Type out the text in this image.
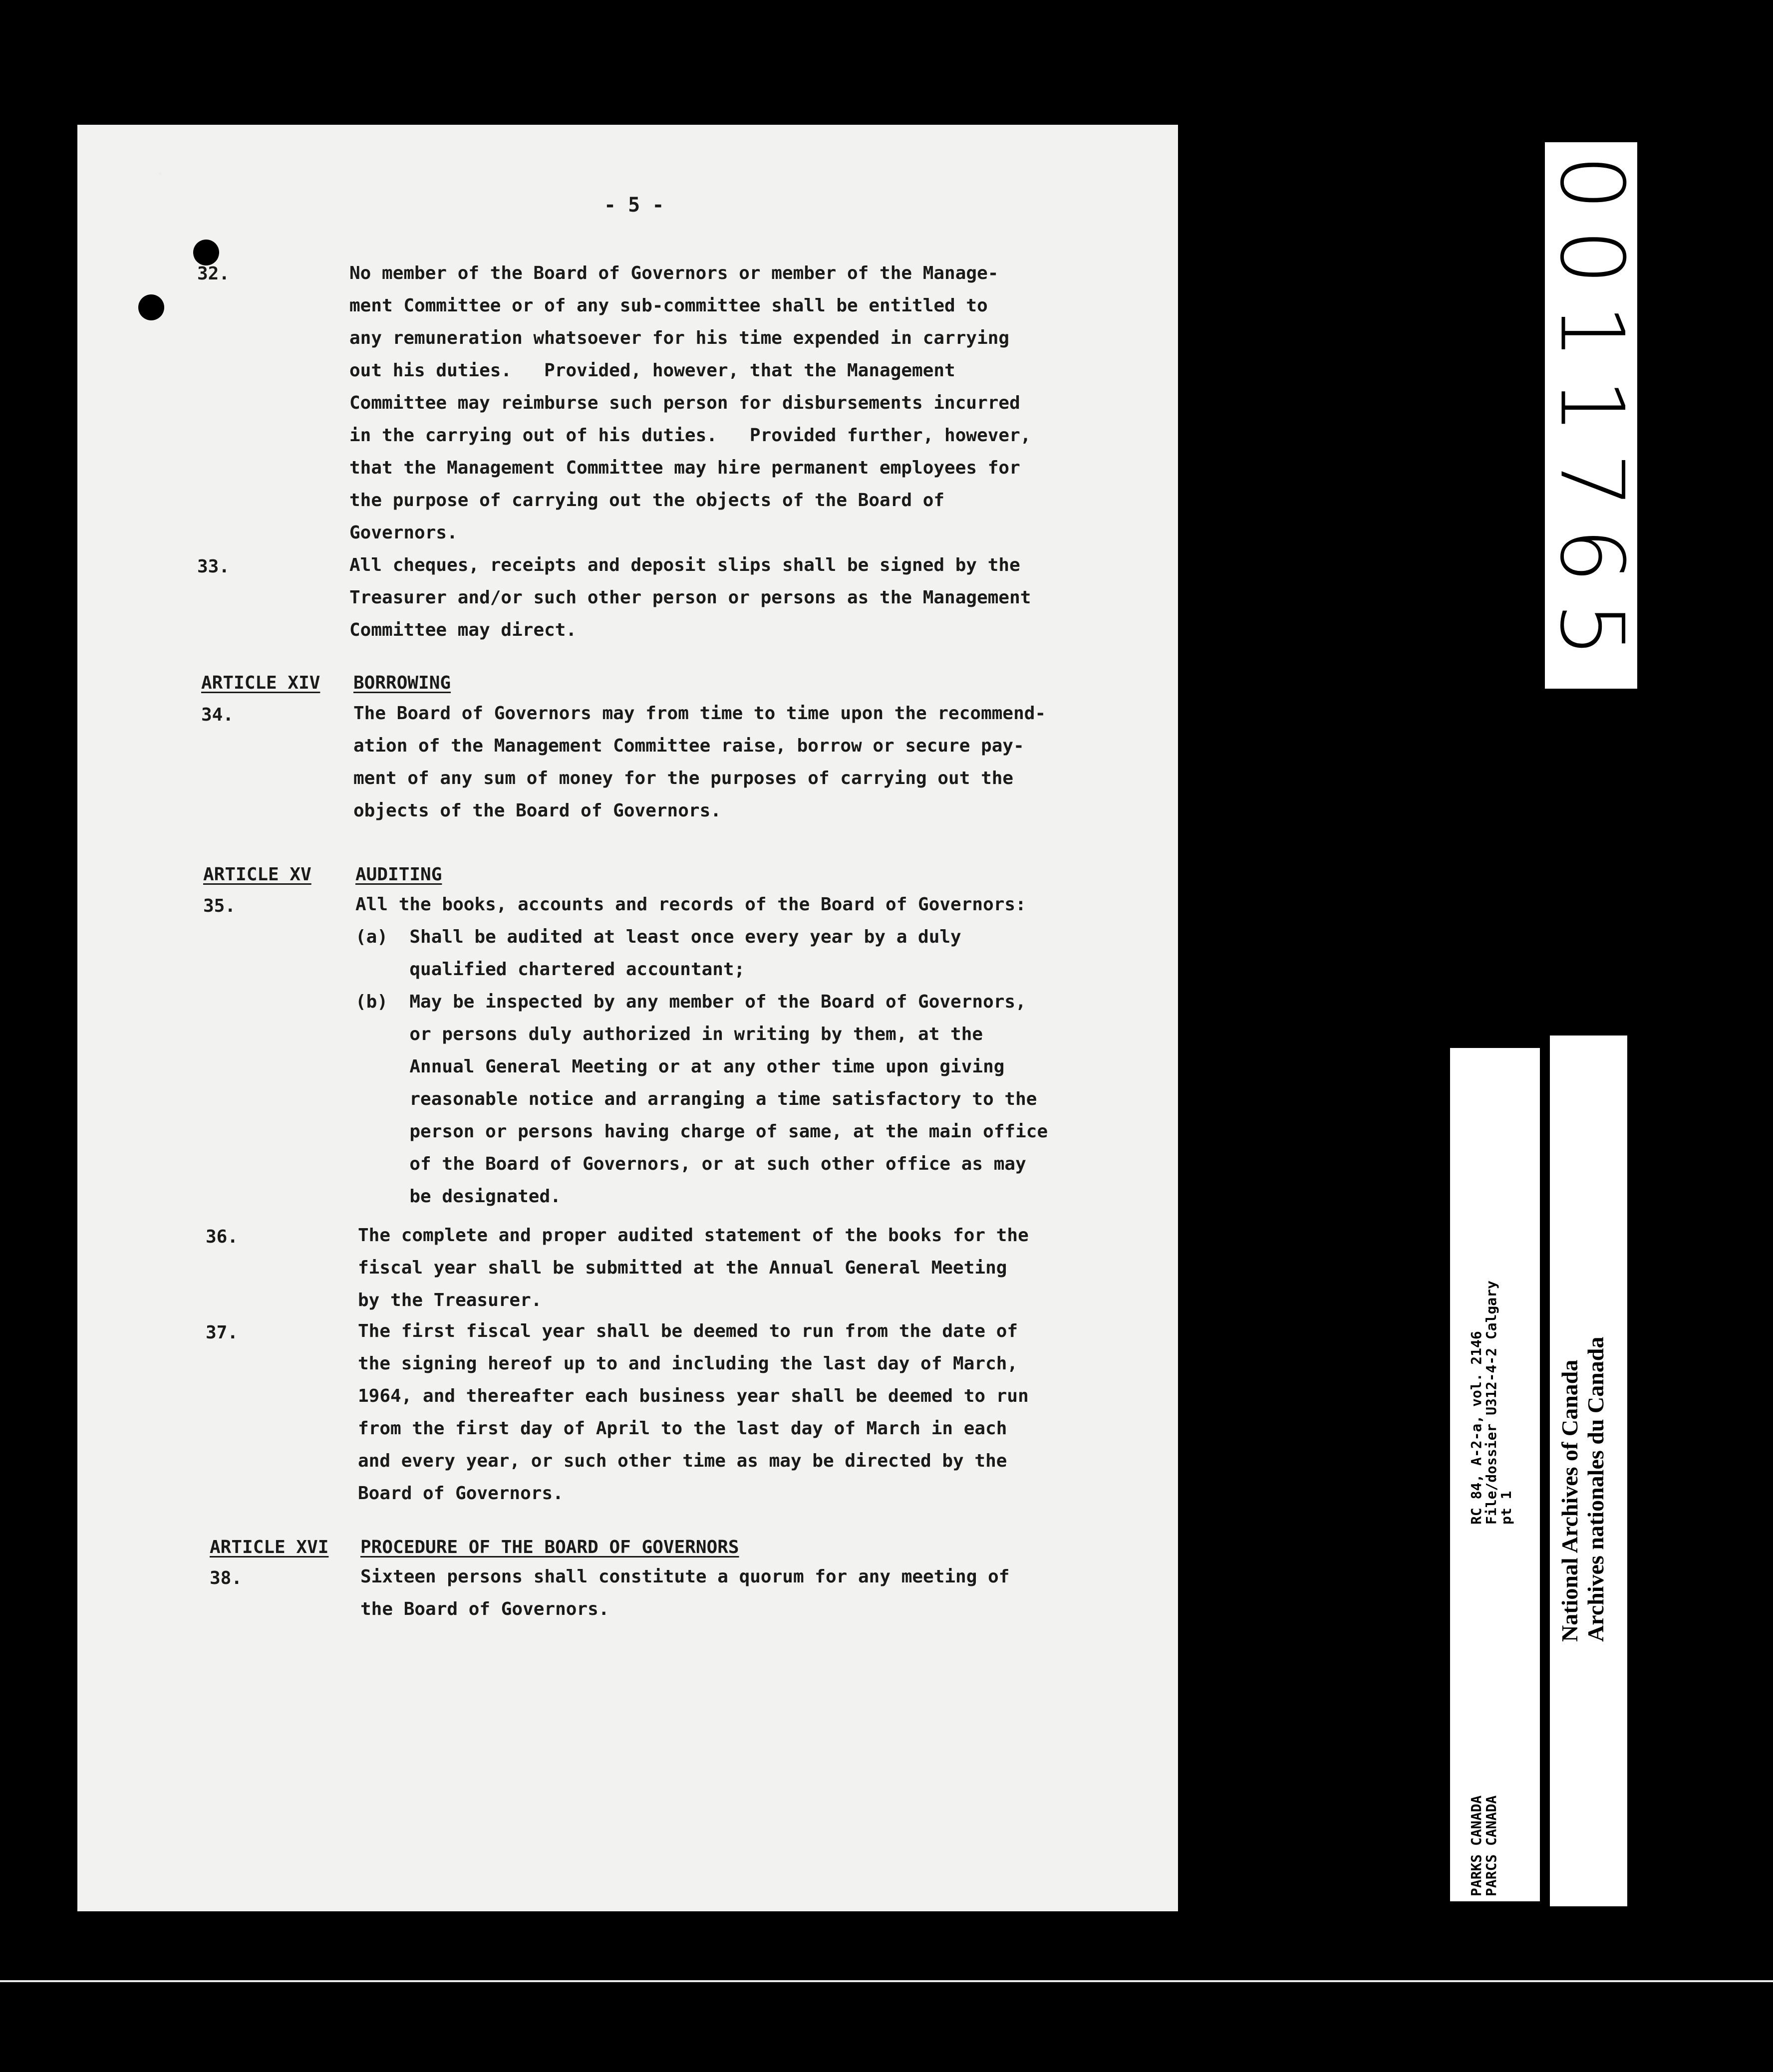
- 5 -
32.	No member of the Board of Governors or member of the Manage-
ment Committee or of any sub-committee shall be entitled to
any remuneration whatsoever for his time expended in carrying
out his duties.   Provided, however, that the Management
Committee may reimburse such person for disbursements incurred
in the carrying out of his duties.   Provided further, however,
that the Management Committee may hire permanent employees for
the purpose of carrying out the objects of the Board of
Governors.
33.	All cheques, receipts and deposit slips shall be signed by the
Treasurer and/or such other person or persons as the Management
Committee may direct.
ARTICLE XIV BORROWING
34.	The Board of Governors may from time to time upon the recommend-
ation of the Management Committee raise, borrow or secure pay-
ment of any sum of money for the purposes of carrying out the
objects of the Board of Governors.
ARTICLE XV AUDITING
35.	All the books, accounts and records of the Board of Governors:
(a)  Shall be audited at least once every year by a duly
qualified chartered accountant;
(b)  May be inspected by any member of the Board of Governors,
or persons duly authorized in writing by them, at the
Annual General Meeting or at any other time upon giving
reasonable notice and arranging a time satisfactory to the
person or persons having charge of same, at the main office
of the Board of Governors, or at such other office as may
be designated.
36.	The complete and proper audited statement of the books for the
fiscal year shall be submitted at the Annual General Meeting
by the Treasurer.
37.	The first fiscal year shall be deemed to run from the date of
the signing hereof up to and including the last day of March,
1964, and thereafter each business year shall be deemed to run
from the first day of April to the last day of March in each
and every year, or such other time as may be directed by the
Board of Governors.
ARTICLE XVI PROCEDURE OF THE BOARD OF GOVERNORS
38.	Sixteen persons shall constitute a quorum for any meeting of
the Board of Governors.
0011765
RC 84, A-2-a, vol. 2146
File/dossier U312-4-2 Calgary
pt 1
PARKS CANADA
PARCS CANADA
National Archives of Canada
Archives nationales du Canada
